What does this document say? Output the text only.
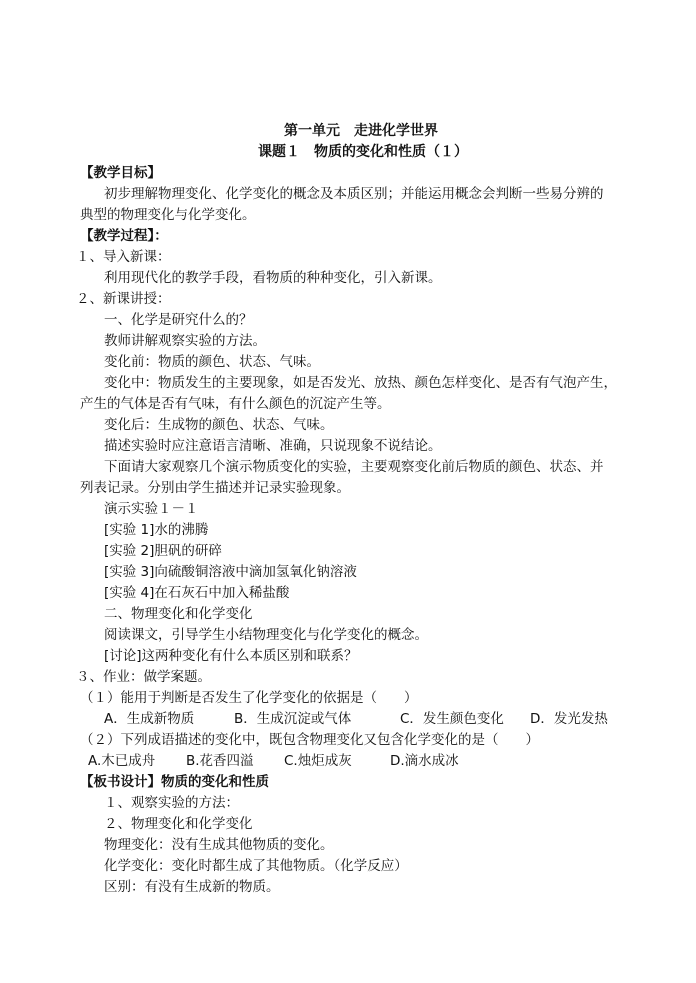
第一单元　走进化学世界
课题１　物质的变化和性质（１）
【教学目标】
初步理解物理变化、化学变化的概念及本质区别；并能运用概念会判断一些易分辨的
典型的物理变化与化学变化。
【教学过程】：
１、导入新课：
利用现代化的教学手段，看物质的种种变化，引入新课。
２、新课讲授：
一、化学是研究什么的？
教师讲解观察实验的方法。
变化前：物质的颜色、状态、气味。
变化中：物质发生的主要现象，如是否发光、放热、颜色怎样变化、是否有气泡产生，
产生的气体是否有气味，有什么颜色的沉淀产生等。
变化后：生成物的颜色、状态、气味。
描述实验时应注意语言清晰、准确，只说现象不说结论。
下面请大家观察几个演示物质变化的实验，主要观察变化前后物质的颜色、状态、并
列表记录。分别由学生描述并记录实验现象。
演示实验１－１
[实验 1]水的沸腾
[实验 2]胆矾的研碎
[实验 3]向硫酸铜溶液中滴加氢氧化钠溶液
[实验 4]在石灰石中加入稀盐酸
二、物理变化和化学变化
阅读课文，引导学生小结物理变化与化学变化的概念。
[讨论]这两种变化有什么本质区别和联系？
３、作业：做学案题。
（１）能用于判断是否发生了化学变化的依据是（　　）
A．生成新物质	B．生成沉淀或气体	C．发生颜色变化 D．发光发热
（２）下列成语描述的变化中，既包含物理变化又包含化学变化的是（　　）
A.木已成舟 B.花香四溢 C.烛炬成灰	D.滴水成冰
【板书设计】物质的变化和性质
１、观察实验的方法：
２、物理变化和化学变化
物理变化：没有生成其他物质的变化。
化学变化：变化时都生成了其他物质。（化学反应）
区别：有没有生成新的物质。
